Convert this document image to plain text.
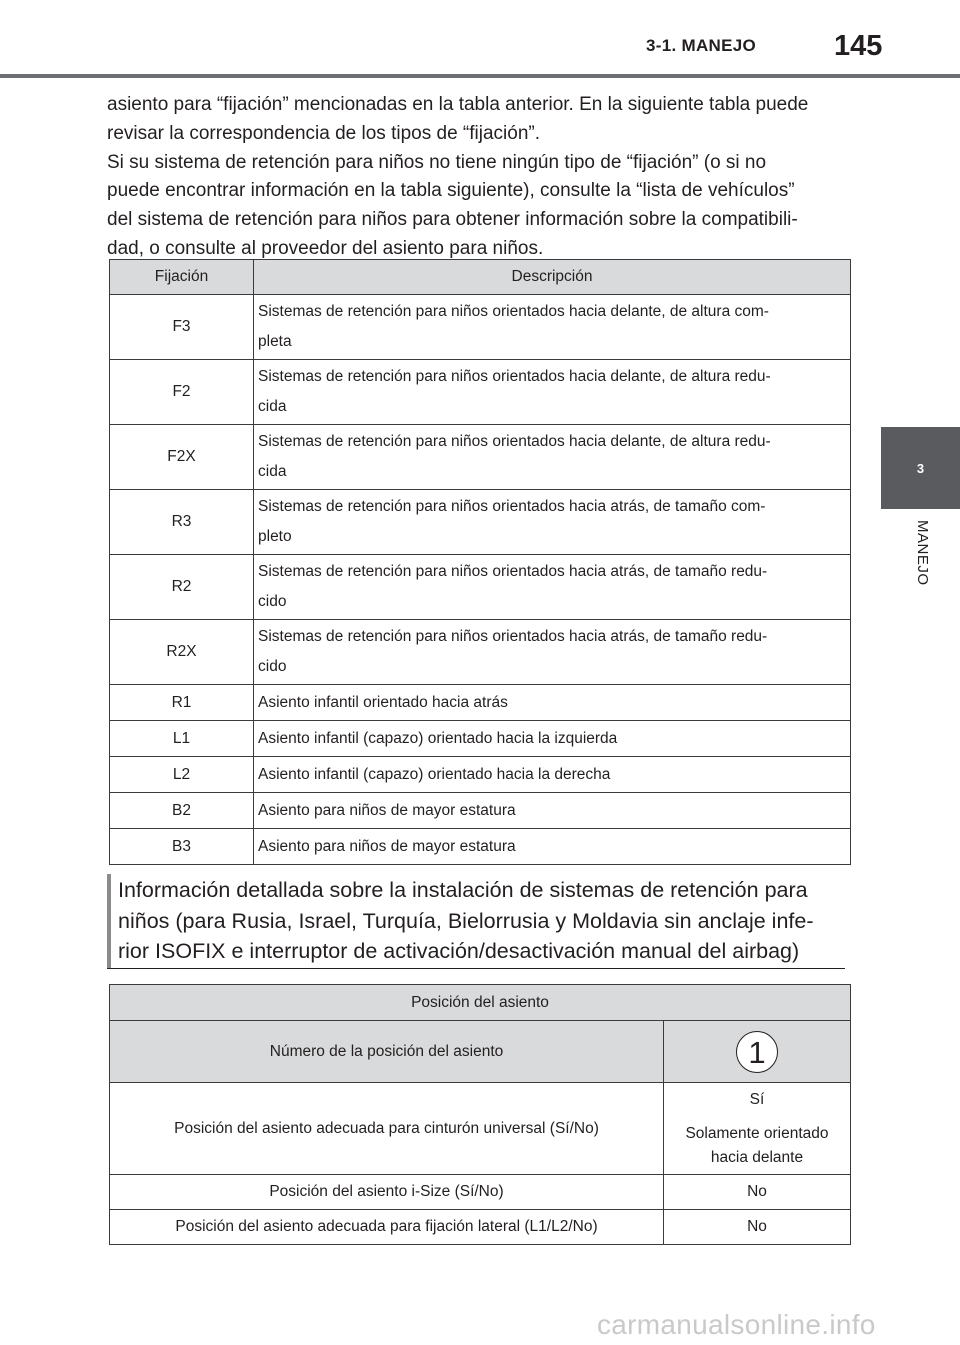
3-1. MANEJO	145
3
MANEJO
asiento para “fijación” mencionadas en la tabla anterior. En la siguiente tabla puede
revisar la correspondencia de los tipos de “fijación”.
Si su sistema de retención para niños no tiene ningún tipo de “fijación” (o si no
puede encontrar información en la tabla siguiente), consulte la “lista de vehículos”
del sistema de retención para niños para obtener información sobre la compatibili-
dad, o consulte al proveedor del asiento para niños.
Fijación	Descripción
F3	Sistemas de retención para niños orientados hacia delante, de altura com-
pleta

F2	Sistemas de retención para niños orientados hacia delante, de altura redu-
cida

F2X	Sistemas de retención para niños orientados hacia delante, de altura redu-
cida

R3	Sistemas de retención para niños orientados hacia atrás, de tamaño com-
pleto

R2	Sistemas de retención para niños orientados hacia atrás, de tamaño redu-
cido

R2X	Sistemas de retención para niños orientados hacia atrás, de tamaño redu-
cido

R1	Asiento infantil orientado hacia atrás
L1	Asiento infantil (capazo) orientado hacia la izquierda
L2	Asiento infantil (capazo) orientado hacia la derecha
B2	Asiento para niños de mayor estatura
B3	Asiento para niños de mayor estatura
Información detallada sobre la instalación de sistemas de retención para
niños (para Rusia, Israel, Turquía, Bielorrusia y Moldavia sin anclaje infe-
rior ISOFIX e interruptor de activación/desactivación manual del airbag)
Posición del asiento	
Número de la posición del asiento	1
Posición del asiento adecuada para cinturón universal (Sí/No)	Sí
Solamente orientado
hacia delante

Posición del asiento i-Size (Sí/No)	No
Posición del asiento adecuada para fijación lateral (L1/L2/No)	No
carmanualsonline.info
